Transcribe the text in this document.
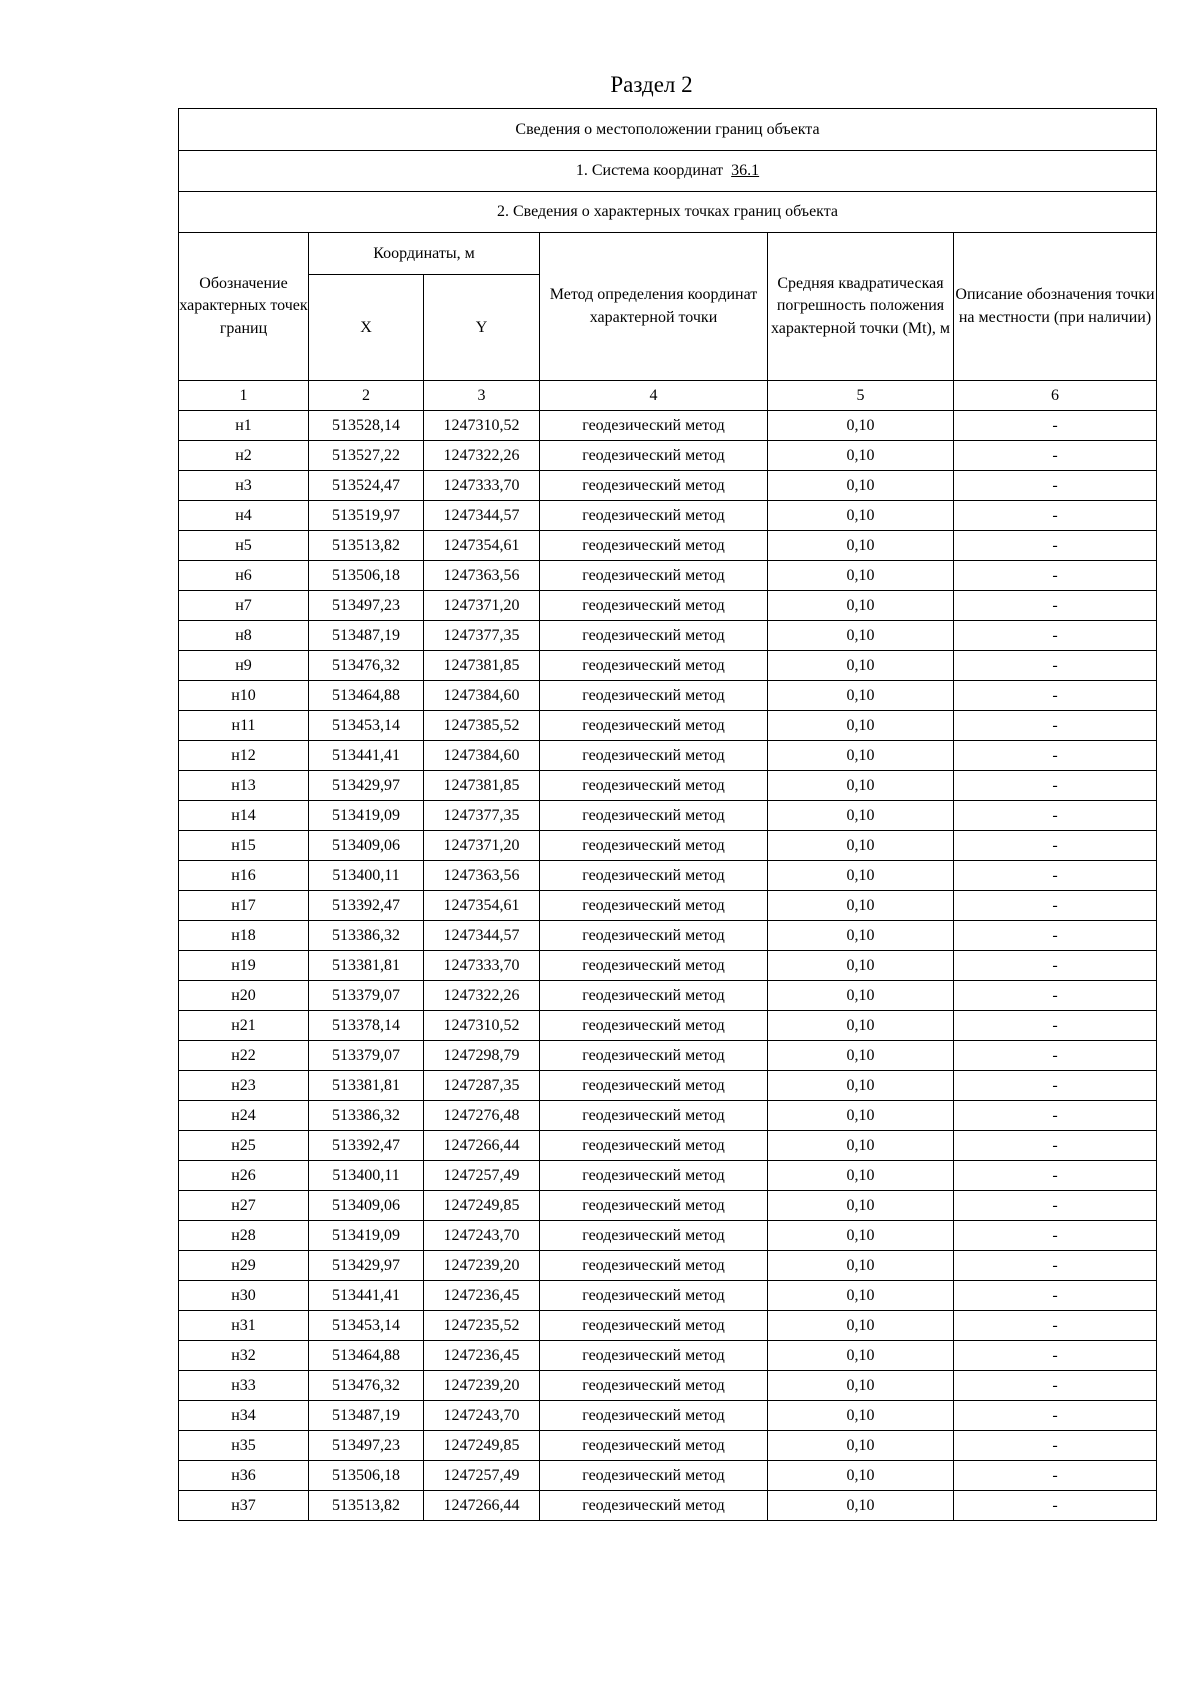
Раздел 2
Сведения о местоположении границ объекта					
1. Система координат 36.1					
2. Сведения о характерных точках границ объекта					

Обозначение характерных точек границ	Координаты, м		Метод определения координат характерной точки	Средняя квадратическая погрешность положения характерной точки (Mt), м	Описание обозначения точки на местности (при наличии)

	X	Y			
1	2	3	4	5	6
н1	513528,14	1247310,52	геодезический метод	0,10	-
н2	513527,22	1247322,26	геодезический метод	0,10	-
н3	513524,47	1247333,70	геодезический метод	0,10	-
н4	513519,97	1247344,57	геодезический метод	0,10	-
н5	513513,82	1247354,61	геодезический метод	0,10	-
н6	513506,18	1247363,56	геодезический метод	0,10	-
н7	513497,23	1247371,20	геодезический метод	0,10	-
н8	513487,19	1247377,35	геодезический метод	0,10	-
н9	513476,32	1247381,85	геодезический метод	0,10	-
н10	513464,88	1247384,60	геодезический метод	0,10	-
н11	513453,14	1247385,52	геодезический метод	0,10	-
н12	513441,41	1247384,60	геодезический метод	0,10	-
н13	513429,97	1247381,85	геодезический метод	0,10	-
н14	513419,09	1247377,35	геодезический метод	0,10	-
н15	513409,06	1247371,20	геодезический метод	0,10	-
н16	513400,11	1247363,56	геодезический метод	0,10	-
н17	513392,47	1247354,61	геодезический метод	0,10	-
н18	513386,32	1247344,57	геодезический метод	0,10	-
н19	513381,81	1247333,70	геодезический метод	0,10	-
н20	513379,07	1247322,26	геодезический метод	0,10	-
н21	513378,14	1247310,52	геодезический метод	0,10	-
н22	513379,07	1247298,79	геодезический метод	0,10	-
н23	513381,81	1247287,35	геодезический метод	0,10	-
н24	513386,32	1247276,48	геодезический метод	0,10	-
н25	513392,47	1247266,44	геодезический метод	0,10	-
н26	513400,11	1247257,49	геодезический метод	0,10	-
н27	513409,06	1247249,85	геодезический метод	0,10	-
н28	513419,09	1247243,70	геодезический метод	0,10	-
н29	513429,97	1247239,20	геодезический метод	0,10	-
н30	513441,41	1247236,45	геодезический метод	0,10	-
н31	513453,14	1247235,52	геодезический метод	0,10	-
н32	513464,88	1247236,45	геодезический метод	0,10	-
н33	513476,32	1247239,20	геодезический метод	0,10	-
н34	513487,19	1247243,70	геодезический метод	0,10	-
н35	513497,23	1247249,85	геодезический метод	0,10	-
н36	513506,18	1247257,49	геодезический метод	0,10	-
н37	513513,82	1247266,44	геодезический метод	0,10	-
